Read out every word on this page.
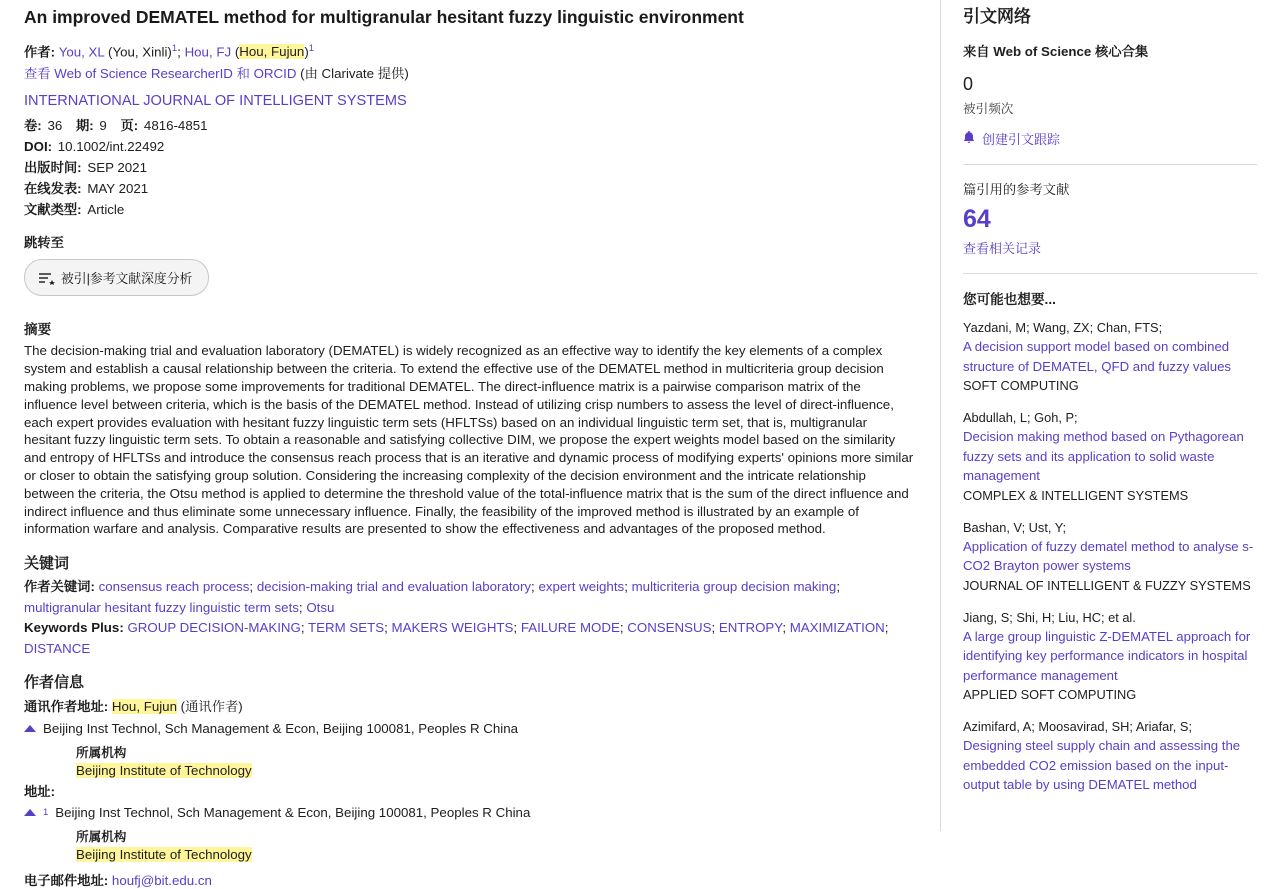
An improved DEMATEL method for multigranular hesitant fuzzy linguistic environment
作者: You, XL (You, Xinli)$^1$; Hou, FJ (Hou, Fujun)$^1$
查看 Web of Science ResearcherID 和 ORCID (由 Clarivate 提供)
INTERNATIONAL JOURNAL OF INTELLIGENT SYSTEMS
卷: 36 期: 9 页: 4816-4851
DOI: 10.1002/int.22492
出版时间: SEP 2021
在线发表: MAY 2021
文献类型: Article
跳转至
被引|参考文献深度分析
摘要
The decision-making trial and evaluation laboratory (DEMATEL) is widely recognized as an effective way to identify the key elements of a complex system and establish a causal relationship between the criteria. To extend the effective use of the DEMATEL method in multicriteria group decision making problems, we propose some improvements for traditional DEMATEL. The direct-influence matrix is a pairwise comparison matrix of the influence level between criteria, which is the basis of the DEMATEL method. Instead of utilizing crisp numbers to assess the level of direct-influence, each expert provides evaluation with hesitant fuzzy linguistic term sets (HFLTSs) based on an individual linguistic term set, that is, multigranular hesitant fuzzy linguistic term sets. To obtain a reasonable and satisfying collective DIM, we propose the expert weights model based on the similarity and entropy of HFLTSs and introduce the consensus reach process that is an iterative and dynamic process of modifying experts' opinions more similar or closer to obtain the satisfying group solution. Considering the increasing complexity of the decision environment and the intricate relationship between the criteria, the Otsu method is applied to determine the threshold value of the total-influence matrix that is the sum of the direct influence and indirect influence and thus eliminate some unnecessary influence. Finally, the feasibility of the improved method is illustrated by an example of information warfare and analysis. Comparative results are presented to show the effectiveness and advantages of the proposed method.
关键词
作者关键词: consensus reach process; decision-making trial and evaluation laboratory; expert weights; multicriteria group decision making; multigranular hesitant fuzzy linguistic term sets; Otsu
Keywords Plus: GROUP DECISION-MAKING; TERM SETS; MAKERS WEIGHTS; FAILURE MODE; CONSENSUS; ENTROPY; MAXIMIZATION; DISTANCE
作者信息
通讯作者地址: Hou, Fujun (通讯作者)
Beijing Inst Technol, Sch Management & Econ, Beijing 100081, Peoples R China
所属机构
Beijing Institute of Technology
地址:
1 Beijing Inst Technol, Sch Management & Econ, Beijing 100081, Peoples R China
所属机构
Beijing Institute of Technology
电子邮件地址: houfj@bit.edu.cn
引文网络
来自 Web of Science 核心合集
0
被引频次
创建引文跟踪
篇引用的参考文献
64
查看相关记录
您可能也想要...
Yazdani, M; Wang, ZX; Chan, FTS;
A decision support model based on combined structure of DEMATEL, QFD and fuzzy values
SOFT COMPUTING
Abdullah, L; Goh, P;
Decision making method based on Pythagorean fuzzy sets and its application to solid waste management
COMPLEX & INTELLIGENT SYSTEMS
Bashan, V; Ust, Y;
Application of fuzzy dematel method to analyse s-CO2 Brayton power systems
JOURNAL OF INTELLIGENT & FUZZY SYSTEMS
Jiang, S; Shi, H; Liu, HC; et al.
A large group linguistic Z-DEMATEL approach for identifying key performance indicators in hospital performance management
APPLIED SOFT COMPUTING
Azimifard, A; Moosavirad, SH; Ariafar, S;
Designing steel supply chain and assessing the embedded CO2 emission based on the input-output table by using DEMATEL method
